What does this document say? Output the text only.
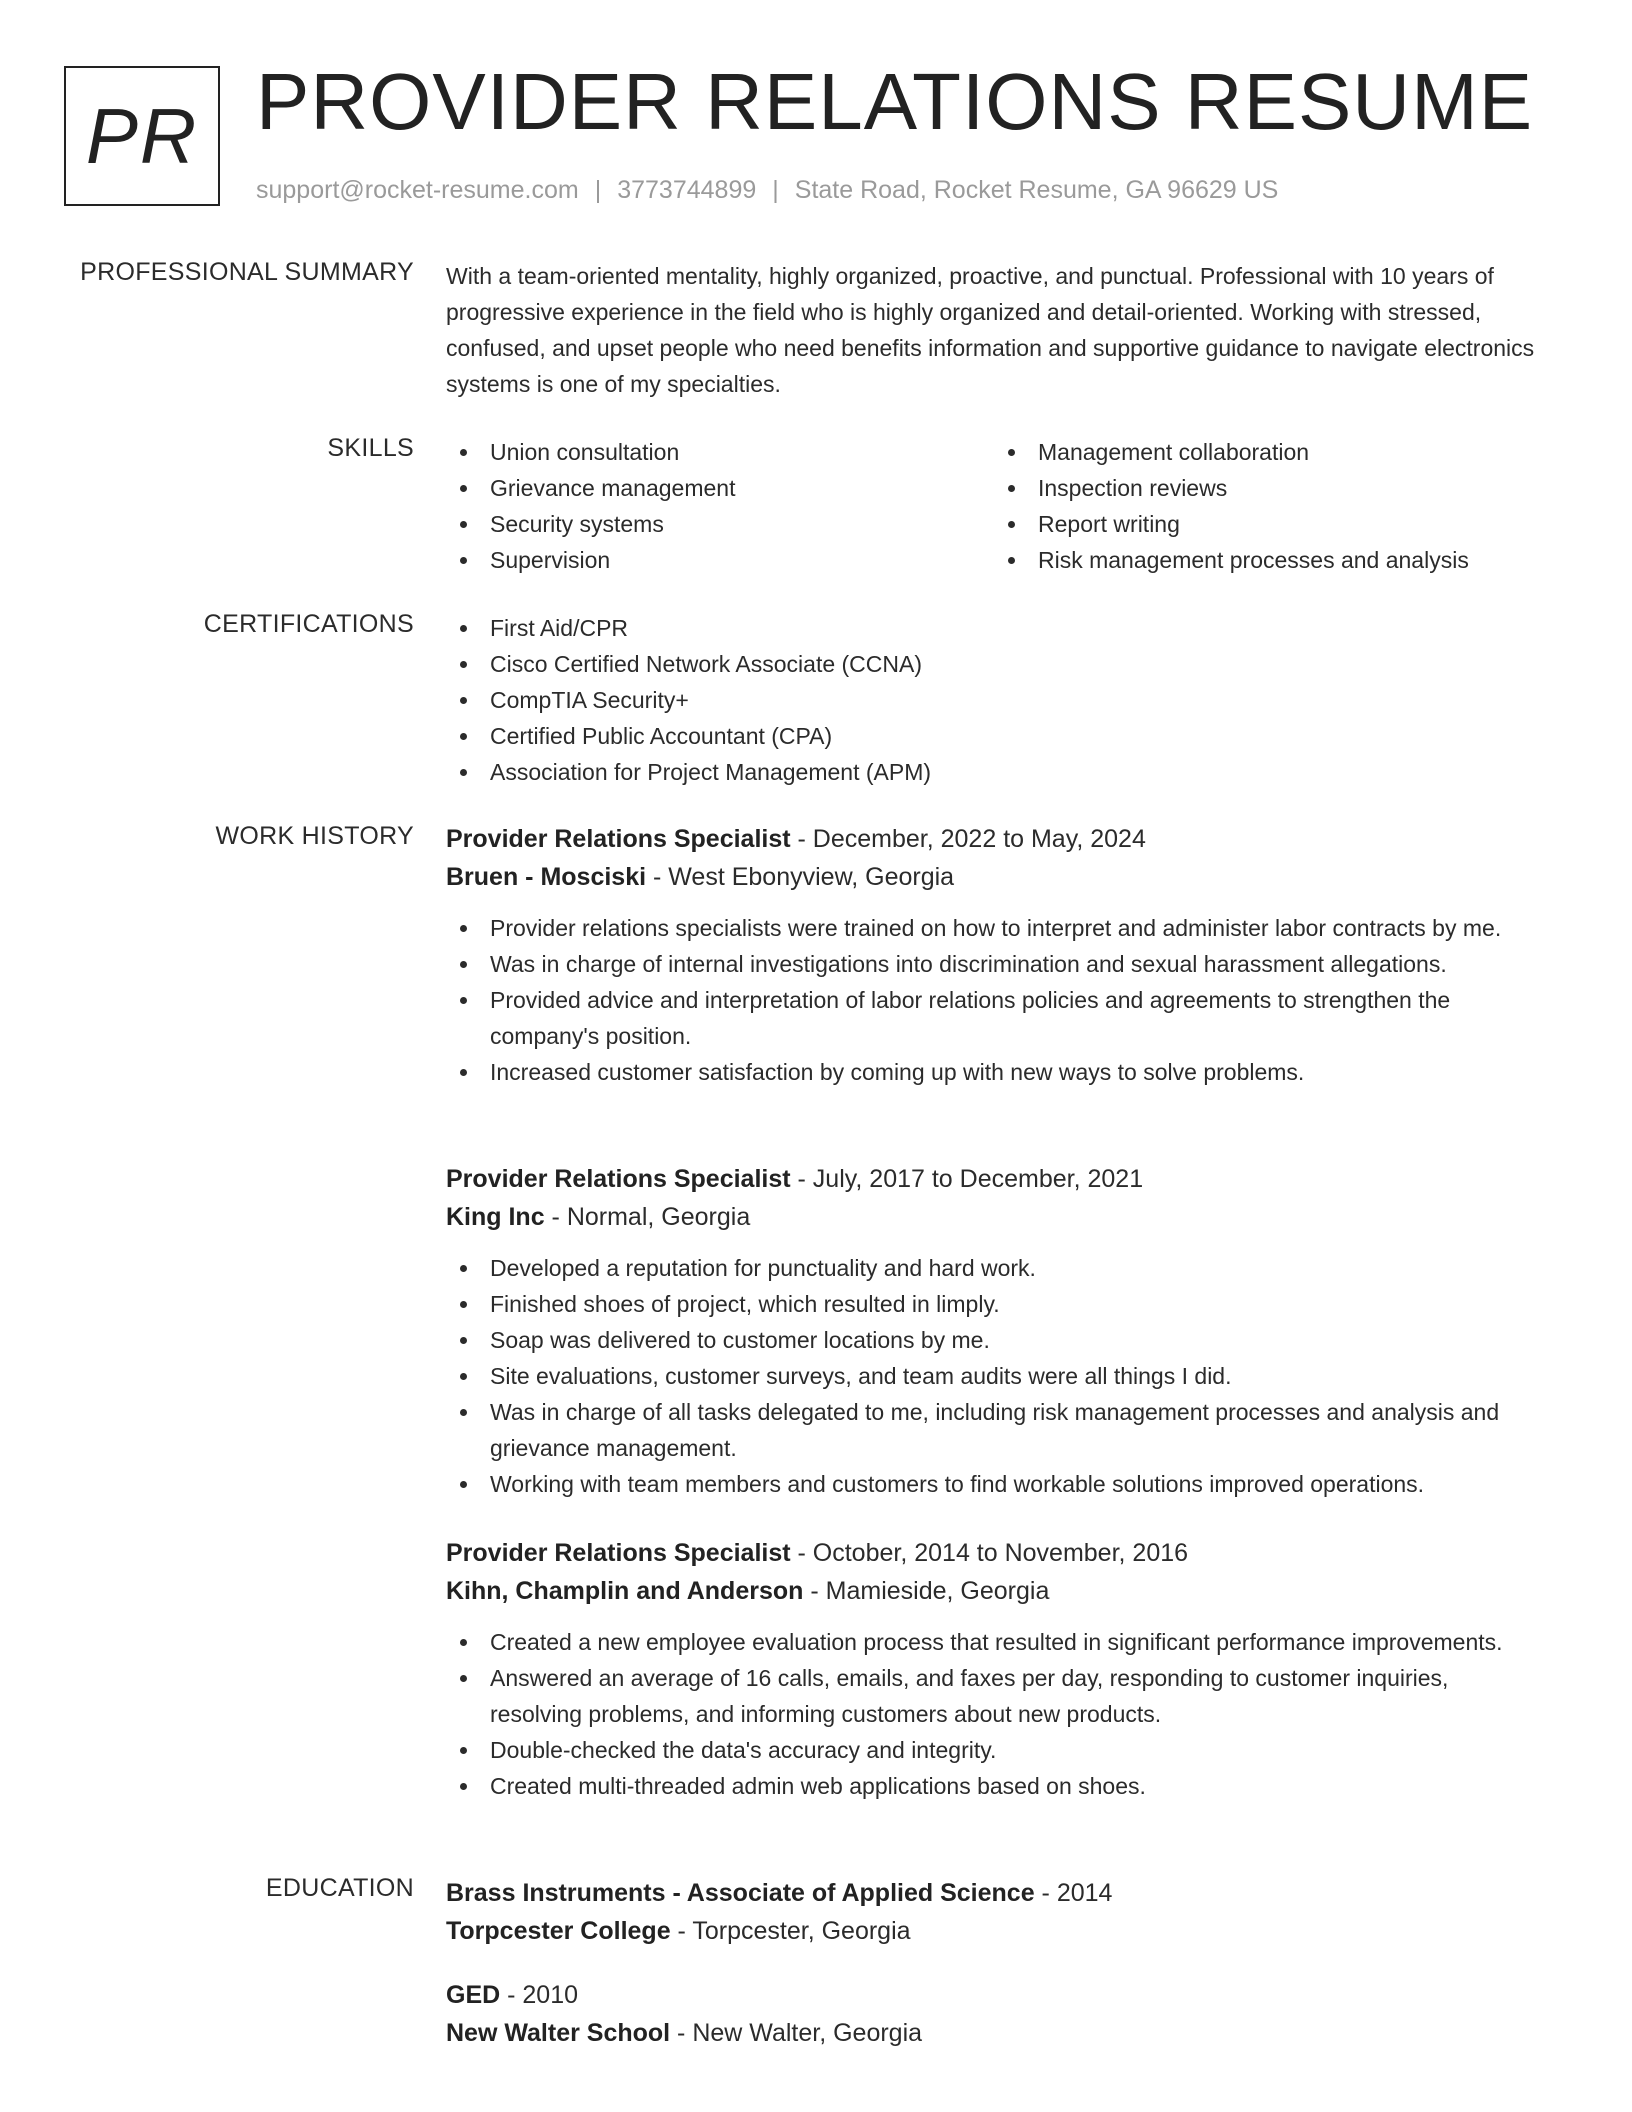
PR PROVIDER RELATIONS RESUME
support@rocket-resume.com | 3773744899 | State Road, Rocket Resume, GA 96629 US
PROFESSIONAL SUMMARY With a team-oriented mentality, highly organized, proactive, and punctual. Professional with 10 years of progressive experience in the field who is highly organized and detail-oriented. Working with stressed, confused, and upset people who need benefits information and supportive guidance to navigate electronics systems is one of my specialties.

SKILLS	Union consultation
Grievance management
Security systems
Supervision
Management collaboration
Inspection reviews
Report writing
Risk management processes and analysis
CERTIFICATIONS	First Aid/CPR
Cisco Certified Network Associate (CCNA)
CompTIA Security+
Certified Public Accountant (CPA)
Association for Project Management (APM)
WORK HISTORY Provider Relations Specialist - December, 2022 to May, 2024
Bruen - Mosciski - West Ebonyview, Georgia
Provider relations specialists were trained on how to interpret and administer labor contracts by me.
Was in charge of internal investigations into discrimination and sexual harassment allegations.
Provided advice and interpretation of labor relations policies and agreements to strengthen the company's position.
Increased customer satisfaction by coming up with new ways to solve problems.
Provider Relations Specialist - July, 2017 to December, 2021
King Inc - Normal, Georgia
Developed a reputation for punctuality and hard work.
Finished shoes of project, which resulted in limply.
Soap was delivered to customer locations by me.
Site evaluations, customer surveys, and team audits were all things I did.
Was in charge of all tasks delegated to me, including risk management processes and analysis and grievance management.
Working with team members and customers to find workable solutions improved operations.
Provider Relations Specialist - October, 2014 to November, 2016
Kihn, Champlin and Anderson - Mamieside, Georgia
Created a new employee evaluation process that resulted in significant performance improvements.
Answered an average of 16 calls, emails, and faxes per day, responding to customer inquiries, resolving problems, and informing customers about new products.
Double-checked the data's accuracy and integrity.
Created multi-threaded admin web applications based on shoes.
EDUCATION Brass Instruments - Associate of Applied Science - 2014
Torpcester College - Torpcester, Georgia
GED - 2010
New Walter School - New Walter, Georgia
